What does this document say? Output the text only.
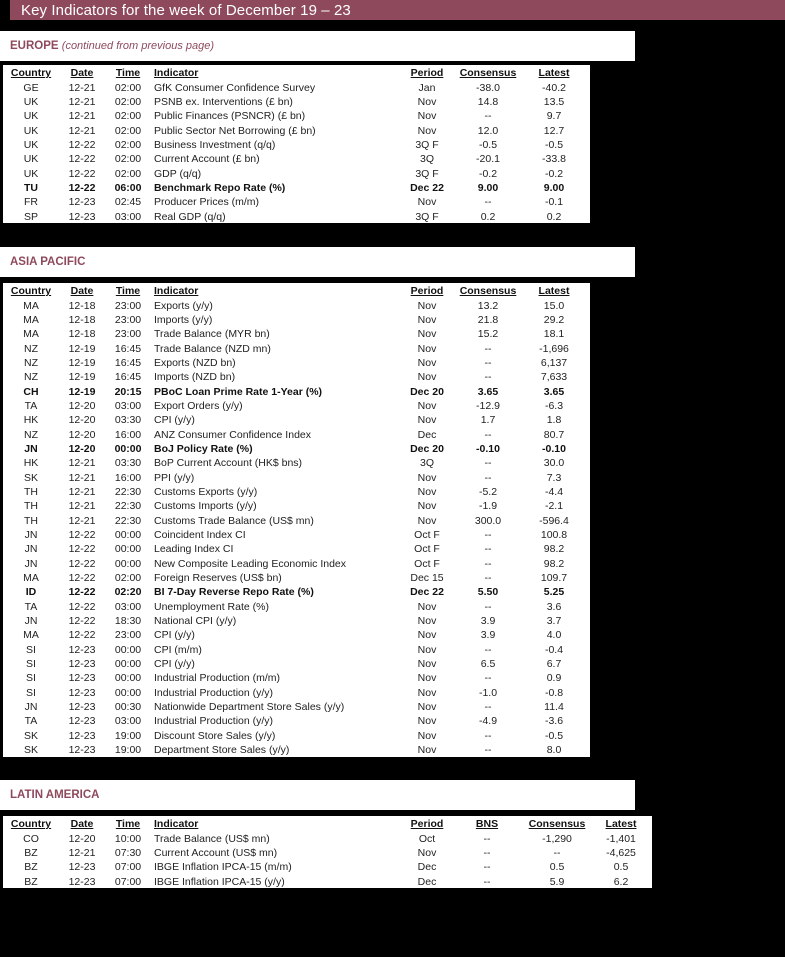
Key Indicators for the week of December 19 – 23
EUROPE (continued from previous page)
Country	Date	Time	Indicator	Period	Consensus	Latest
GE	12-21	02:00	GfK Consumer Confidence Survey	Jan	-38.0	-40.2
UK	12-21	02:00	PSNB ex. Interventions (£ bn)	Nov	14.8	13.5
UK	12-21	02:00	Public Finances (PSNCR) (£ bn)	Nov	--	9.7
UK	12-21	02:00	Public Sector Net Borrowing (£ bn)	Nov	12.0	12.7
UK	12-22	02:00	Business Investment (q/q)	3Q F	-0.5	-0.5
UK	12-22	02:00	Current Account (£ bn)	3Q	-20.1	-33.8
UK	12-22	02:00	GDP (q/q)	3Q F	-0.2	-0.2
TU	12-22	06:00	Benchmark Repo Rate (%)	Dec 22	9.00	9.00
FR	12-23	02:45	Producer Prices (m/m)	Nov	--	-0.1
SP	12-23	03:00	Real GDP (q/q)	3Q F	0.2	0.2
ASIA PACIFIC
Country	Date	Time	Indicator	Period	Consensus	Latest
MA	12-18	23:00	Exports (y/y)	Nov	13.2	15.0
MA	12-18	23:00	Imports (y/y)	Nov	21.8	29.2
MA	12-18	23:00	Trade Balance (MYR bn)	Nov	15.2	18.1
NZ	12-19	16:45	Trade Balance (NZD mn)	Nov	--	-1,696
NZ	12-19	16:45	Exports (NZD bn)	Nov	--	6,137
NZ	12-19	16:45	Imports (NZD bn)	Nov	--	7,633
CH	12-19	20:15	PBoC Loan Prime Rate 1-Year (%)	Dec 20	3.65	3.65
TA	12-20	03:00	Export Orders (y/y)	Nov	-12.9	-6.3
HK	12-20	03:30	CPI (y/y)	Nov	1.7	1.8
NZ	12-20	16:00	ANZ Consumer Confidence Index	Dec	--	80.7
JN	12-20	00:00	BoJ Policy Rate (%)	Dec 20	-0.10	-0.10
HK	12-21	03:30	BoP Current Account (HK$ bns)	3Q	--	30.0
SK	12-21	16:00	PPI (y/y)	Nov	--	7.3
TH	12-21	22:30	Customs Exports (y/y)	Nov	-5.2	-4.4
TH	12-21	22:30	Customs Imports (y/y)	Nov	-1.9	-2.1
TH	12-21	22:30	Customs Trade Balance (US$ mn)	Nov	300.0	-596.4
JN	12-22	00:00	Coincident Index CI	Oct F	--	100.8
JN	12-22	00:00	Leading Index CI	Oct F	--	98.2
JN	12-22	00:00	New Composite Leading Economic Index	Oct F	--	98.2
MA	12-22	02:00	Foreign Reserves (US$ bn)	Dec 15	--	109.7
ID	12-22	02:20	BI 7-Day Reverse Repo Rate (%)	Dec 22	5.50	5.25
TA	12-22	03:00	Unemployment Rate (%)	Nov	--	3.6
JN	12-22	18:30	National CPI (y/y)	Nov	3.9	3.7
MA	12-22	23:00	CPI (y/y)	Nov	3.9	4.0
SI	12-23	00:00	CPI (m/m)	Nov	--	-0.4
SI	12-23	00:00	CPI (y/y)	Nov	6.5	6.7
SI	12-23	00:00	Industrial Production (m/m)	Nov	--	0.9
SI	12-23	00:00	Industrial Production (y/y)	Nov	-1.0	-0.8
JN	12-23	00:30	Nationwide Department Store Sales (y/y)	Nov	--	11.4
TA	12-23	03:00	Industrial Production (y/y)	Nov	-4.9	-3.6
SK	12-23	19:00	Discount Store Sales (y/y)	Nov	--	-0.5
SK	12-23	19:00	Department Store Sales (y/y)	Nov	--	8.0
LATIN AMERICA
Country	Date	Time	Indicator	Period	BNS	Consensus	Latest
CO	12-20	10:00	Trade Balance (US$ mn)	Oct	--	-1,290	-1,401
BZ	12-21	07:30	Current Account (US$ mn)	Nov	--	--	-4,625
BZ	12-23	07:00	IBGE Inflation IPCA-15 (m/m)	Dec	--	0.5	0.5
BZ	12-23	07:00	IBGE Inflation IPCA-15 (y/y)	Dec	--	5.9	6.2
